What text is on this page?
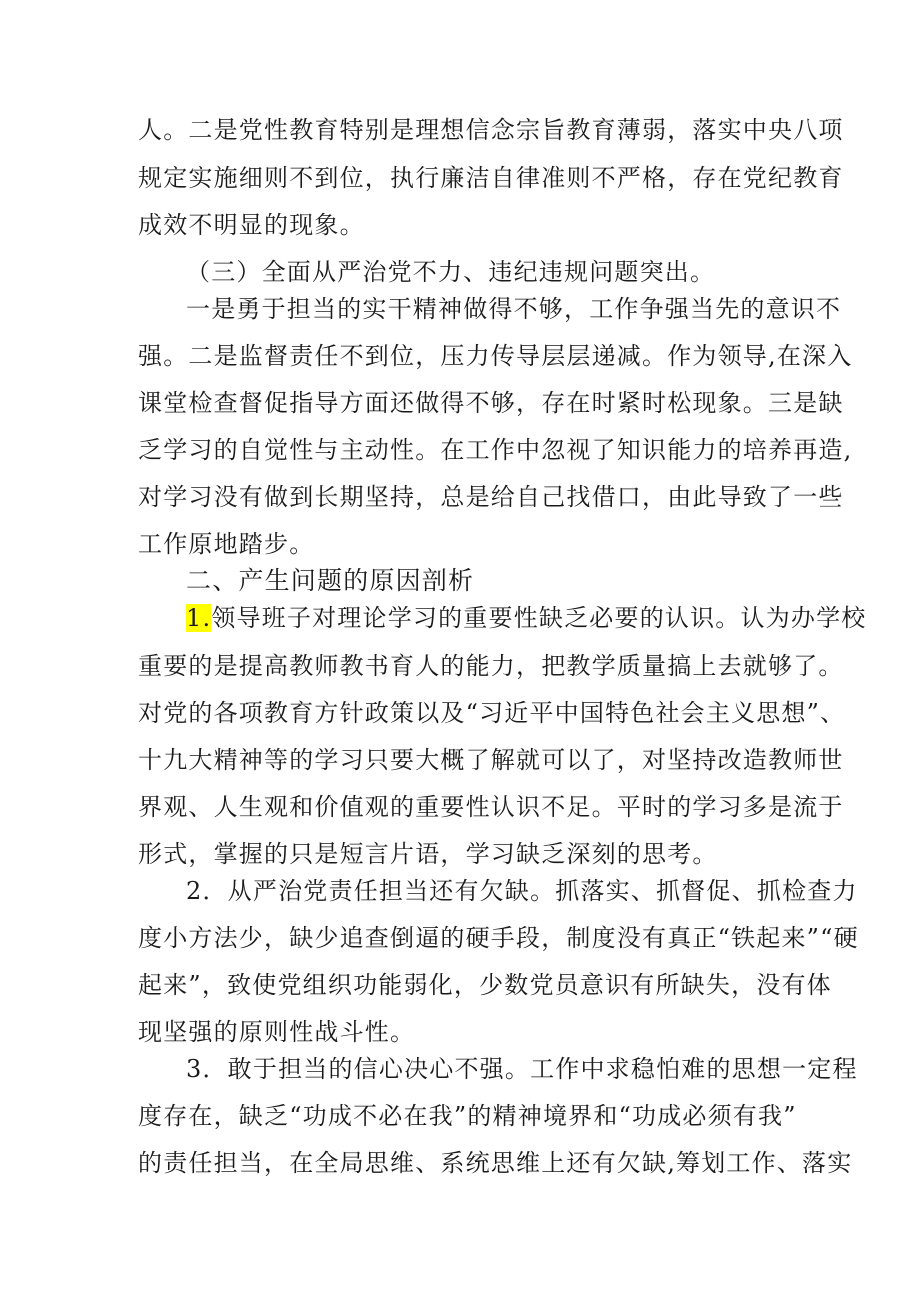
人。二是党性教育特别是理想信念宗旨教育薄弱，落实中央八项
规定实施细则不到位，执行廉洁自律准则不严格，存在党纪教育
成效不明显的现象。
（三）全面从严治党不力、违纪违规问题突出。
一是勇于担当的实干精神做得不够，工作争强当先的意识不
强。二是监督责任不到位，压力传导层层递减。作为领导,在深入
课堂检查督促指导方面还做得不够，存在时紧时松现象。三是缺
乏学习的自觉性与主动性。在工作中忽视了知识能力的培养再造,
对学习没有做到长期坚持，总是给自己找借口，由此导致了一些
工作原地踏步。
二、产生问题的原因剖析
1.领导班子对理论学习的重要性缺乏必要的认识。认为办学校
重要的是提高教师教书育人的能力，把教学质量搞上去就够了。
对党的各项教育方针政策以及“习近平中国特色社会主义思想”、
十九大精神等的学习只要大概了解就可以了，对坚持改造教师世
界观、人生观和价值观的重要性认识不足。平时的学习多是流于
形式，掌握的只是短言片语，学习缺乏深刻的思考。
2．从严治党责任担当还有欠缺。抓落实、抓督促、抓检查力
度小方法少，缺少追查倒逼的硬手段，制度没有真正“铁起来”“硬
起来”，致使党组织功能弱化，少数党员意识有所缺失，没有体
现坚强的原则性战斗性。
3．敢于担当的信心决心不强。工作中求稳怕难的思想一定程
度存在，缺乏“功成不必在我”的精神境界和“功成必须有我”
的责任担当，在全局思维、系统思维上还有欠缺,筹划工作、落实
